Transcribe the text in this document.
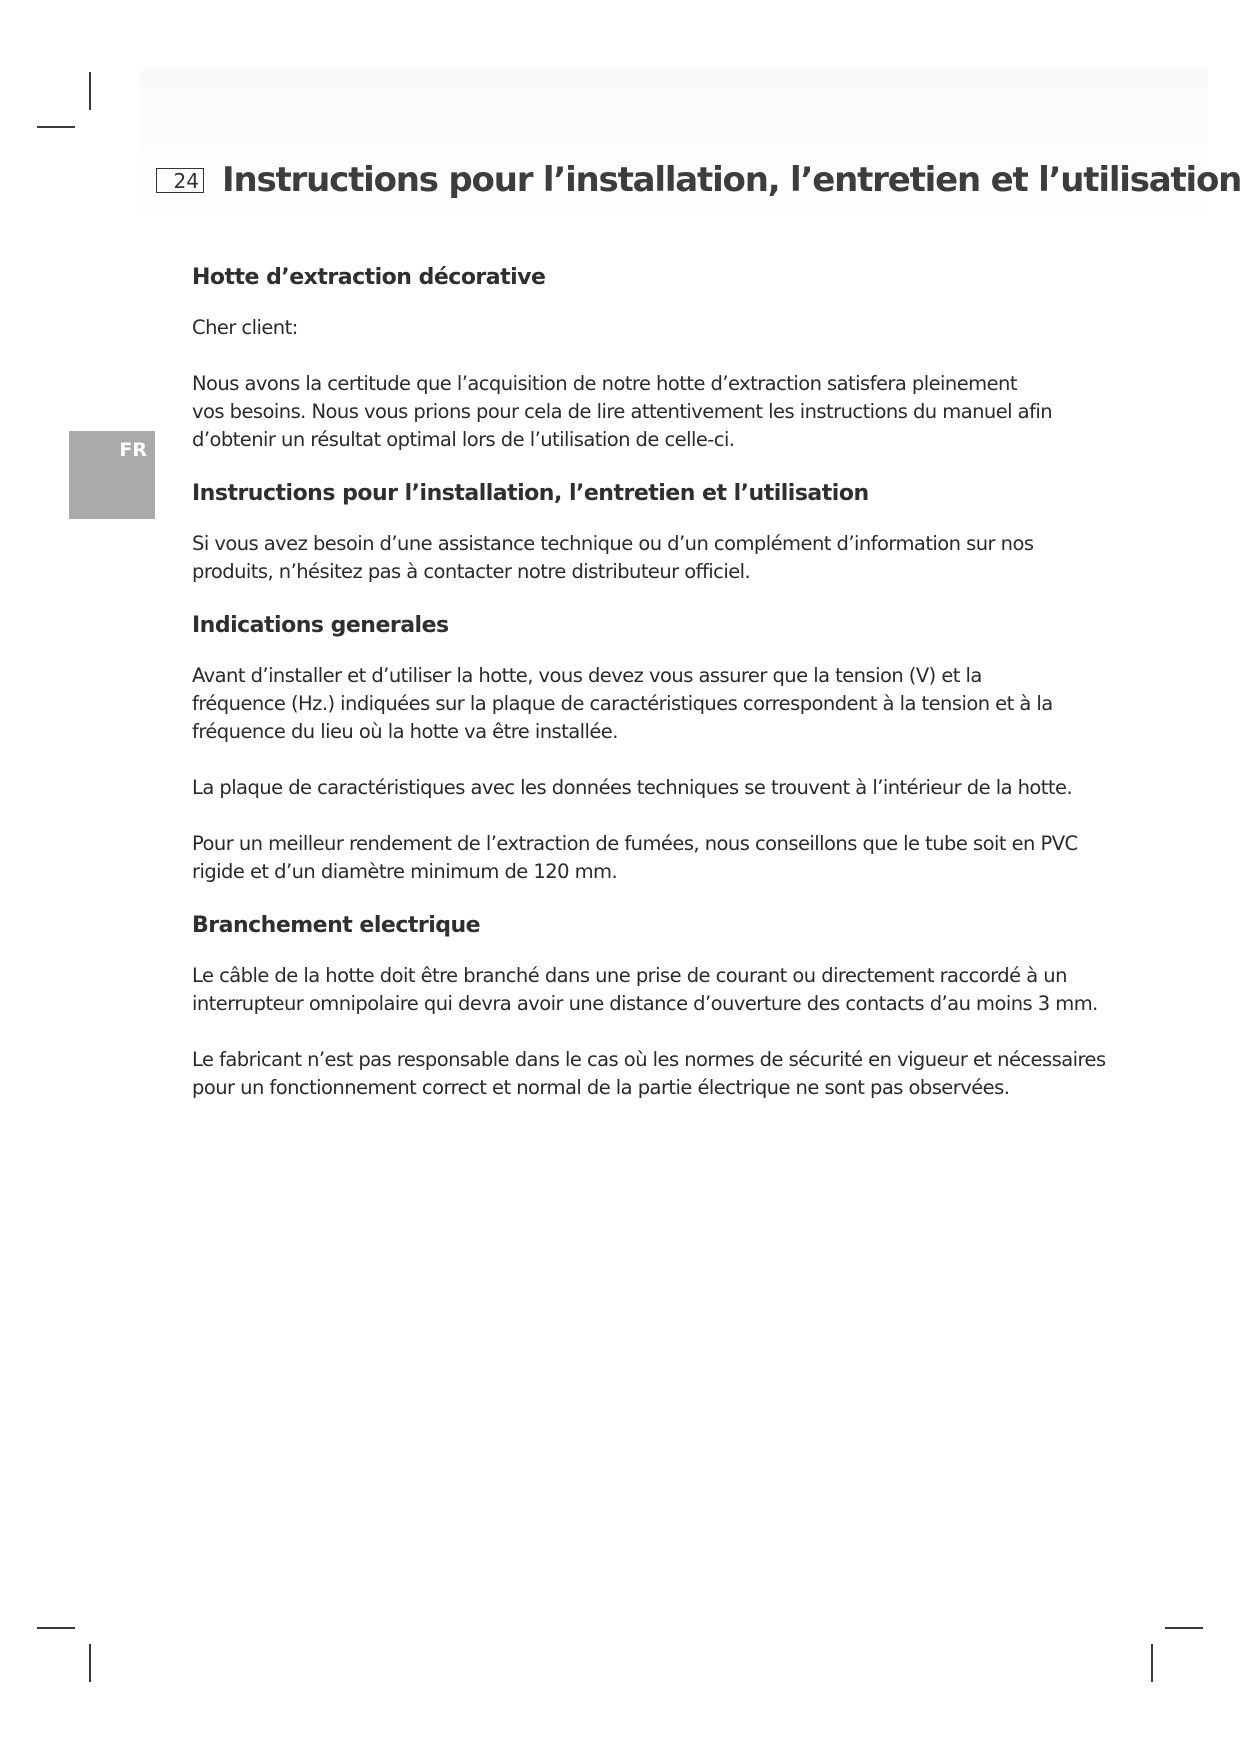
24 Instructions pour l’installation, l’entretien et l’utilisation
FR
Hotte d’extraction décorative

Cher client:

Nous avons la certitude que l’acquisition de notre hotte d’extraction satisfera pleinement
vos besoins. Nous vous prions pour cela de lire attentivement les instructions du manuel afin
d’obtenir un résultat optimal lors de l’utilisation de celle-ci.

Instructions pour l’installation, l’entretien et l’utilisation

Si vous avez besoin d’une assistance technique ou d’un complément d’information sur nos
produits, n’hésitez pas à contacter notre distributeur officiel.

Indications generales

Avant d’installer et d’utiliser la hotte, vous devez vous assurer que la tension (V) et la
fréquence (Hz.) indiquées sur la plaque de caractéristiques correspondent à la tension et à la
fréquence du lieu où la hotte va être installée.

La plaque de caractéristiques avec les données techniques se trouvent à l’intérieur de la hotte.

Pour un meilleur rendement de l’extraction de fumées, nous conseillons que le tube soit en PVC
rigide et d’un diamètre minimum de 120 mm.

Branchement electrique

Le câble de la hotte doit être branché dans une prise de courant ou directement raccordé à un
interrupteur omnipolaire qui devra avoir une distance d’ouverture des contacts d’au moins 3 mm.

Le fabricant n’est pas responsable dans le cas où les normes de sécurité en vigueur et nécessaires
pour un fonctionnement correct et normal de la partie électrique ne sont pas observées.
